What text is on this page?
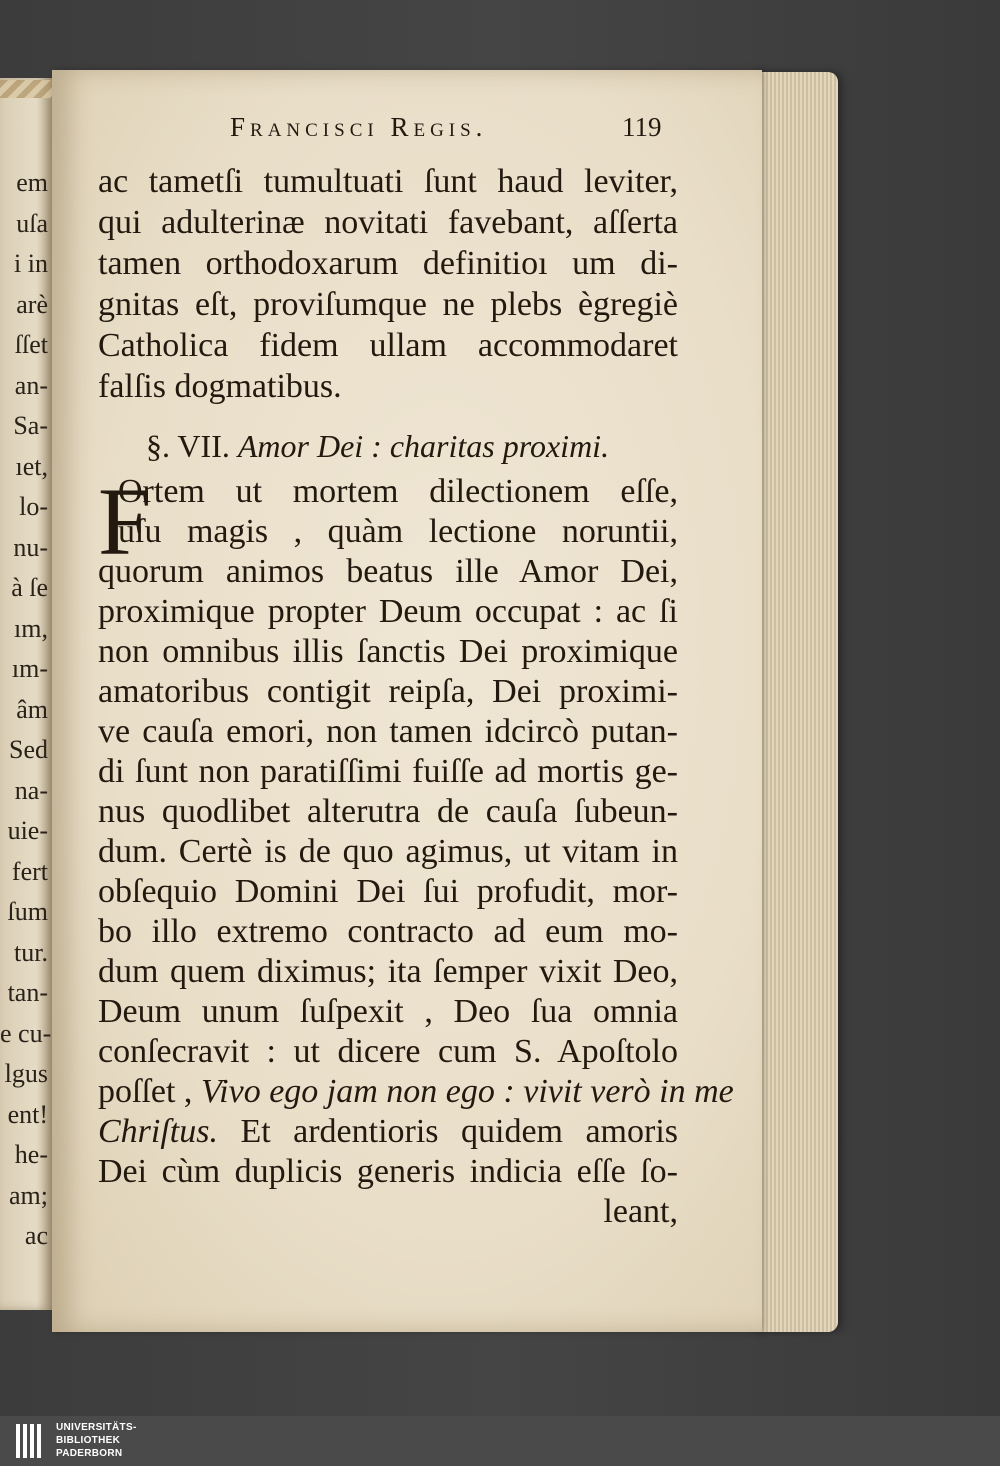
em
uſa
i in
arè
ſſet
an-
Sa-
ıet,
lo-
nu-
à ſe
ım,
ım-
âm
Sed
na-
uie-
fert
ſum
tur.
tan-
e cu-
lgus
ent!
he-
am;
ac
Francisci Regis.	119
ac tametſi tumultuati ſunt haud leviter,
qui adulterinæ novitati favebant, aſſerta
tamen orthodoxarum definitioı um di-
gnitas eſt, proviſumque ne plebs ègregiè
Catholica fidem ullam accommodaret
falſis dogmatibus.
§. VII. Amor Dei : charitas proximi.
F
Ortem ut mortem dilectionem eſſe,
uſu magis , quàm lectione noruntii,
quorum animos beatus ille Amor Dei,
proximique propter Deum occupat : ac ſi
non omnibus illis ſanctis Dei proximique
amatoribus contigit reipſa, Dei proximi-
ve cauſa emori, non tamen idcircò putan-
di ſunt non paratiſſimi fuiſſe ad mortis ge-
nus quodlibet alterutra de cauſa ſubeun-
dum. Certè is de quo agimus, ut vitam in
obſequio Domini Dei ſui profudit, mor-
bo illo extremo contracto ad eum mo-
dum quem diximus; ita ſemper vixit Deo,
Deum unum ſuſpexit , Deo ſua omnia
conſecravit : ut dicere cum S. Apoſtolo
poſſet , Vivo ego jam non ego : vivit verò in me
Chriſtus. Et ardentioris quidem amoris
Dei cùm duplicis generis indicia eſſe ſo-
leant,
UNIVERSITÄTS-
BIBLIOTHEK
PADERBORN
